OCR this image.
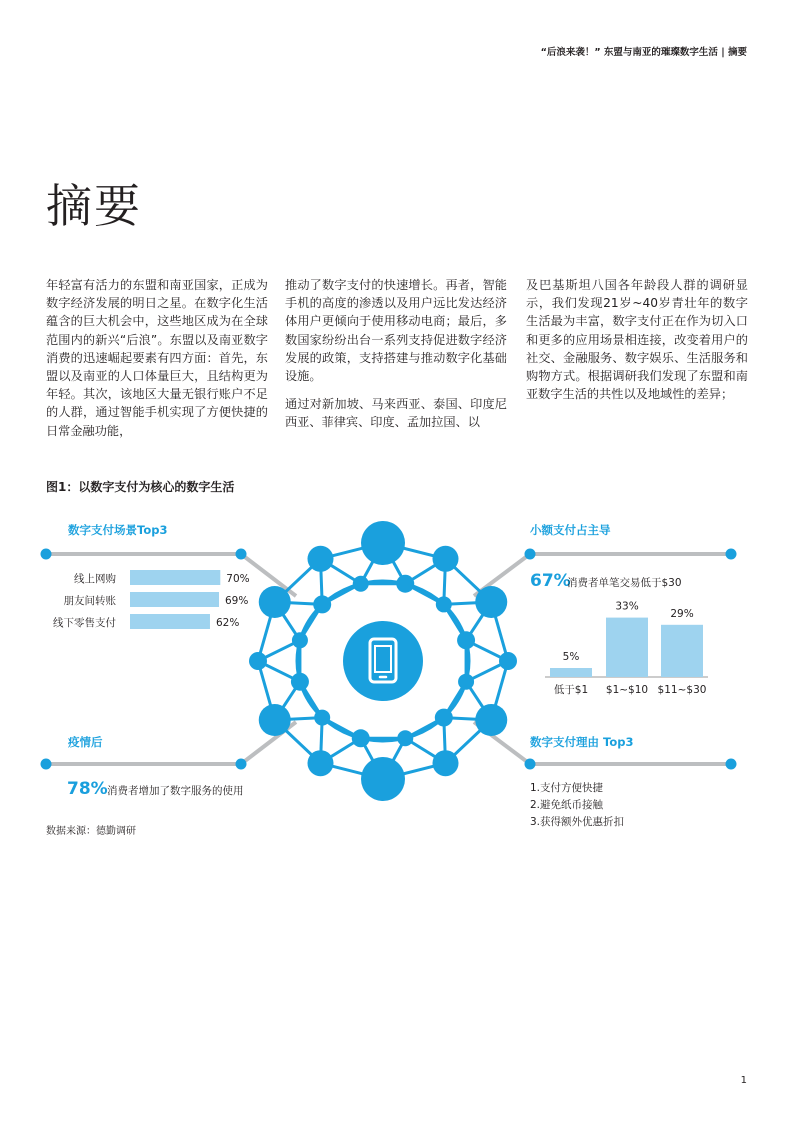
“后浪来袭！” 东盟与南亚的璀璨数字生活 | 摘要
摘要

年轻富有活力的东盟和南亚国家，正成为数字经济发展的明日之星。在数字化生活蕴含的巨大机会中，这些地区成为在全球范围内的新兴“后浪”。东盟以及南亚数字消费的迅速崛起要素有四方面：首先，东盟以及南亚的人口体量巨大，且结构更为年轻。其次，该地区大量无银行账户不足的人群，通过智能手机实现了方便快捷的日常金融功能，

推动了数字支付的快速增长。再者，智能手机的高度的渗透以及用户远比发达经济体用户更倾向于使用移动电商；最后，多数国家纷纷出台一系列支持促进数字经济发展的政策，支持搭建与推动数字化基础设施。

通过对新加坡、马来西亚、泰国、印度尼西亚、菲律宾、印度、孟加拉国、以

及巴基斯坦八国各年龄段人群的调研显示，我们发现21岁~40岁青壮年的数字生活最为丰富，数字支付正在作为切入口和更多的应用场景相连接，改变着用户的社交、金融服务、数字娱乐、生活服务和购物方式。根据调研我们发现了东盟和南亚数字生活的共性以及地域性的差异；

图1：以数字支付为核心的数字生活
数字支付场景Top3
线上网购	70%
朋友间转账	69%
线下零售支付	62%
小额支付占主导
67%
消费者单笔交易低于$30
5%
低于$1
33%
$1~$10
29%
$11~$30
疫情后
78% 消费者增加了数字服务的使用
数字支付理由 Top3
1.支付方便快捷
2.避免纸币接触
3.获得额外优惠折扣
数据来源：德勤调研
1
